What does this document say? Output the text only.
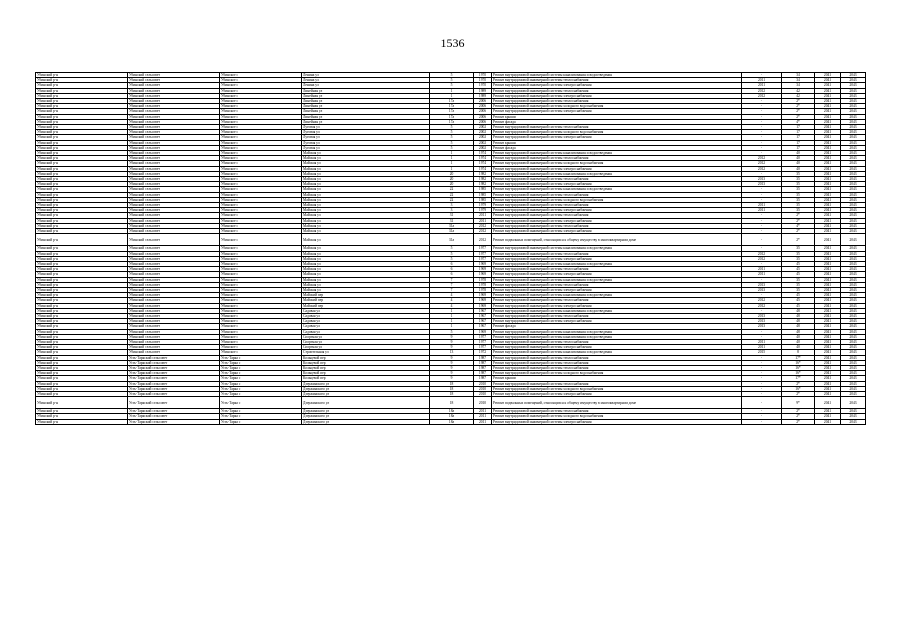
1536
Убинский р-н	Убинский сельсовет	Убинское с	Ленина ул	5	1970	Ремонт внутридомовой инженерной системы канализования и водоотведения	-	34	2041	2043
Убинский р-н	Убинский сельсовет	Убинское с	Ленина ул	5	1970	Ремонт внутридомовой инженерной системы теплоснабжения	2011	34	2041	2043
Убинский р-н	Убинский сельсовет	Убинское с	Ленина ул	5	1970	Ремонт внутридомовой инженерной системы электроснабжения	2011	34	2041	2043
Убинский р-н	Убинский сельсовет	Убинское с	Линейная ул	1	1989	Ремонт внутридомовой инженерной системы теплоснабжения	2012	42	2041	2043
Убинский р-н	Убинский сельсовет	Убинское с	Линейная ул	1	1989	Ремонт внутридомовой инженерной системы электроснабжения	2012	42	2041	2043
Убинский р-н	Убинский сельсовет	Убинское с	Линейная ул	17а	2006	Ремонт внутридомовой инженерной системы теплоснабжения	-	2*	2041	2043
Убинский р-н	Убинский сельсовет	Убинское с	Линейная ул	17а	2006	Ремонт внутридомовой инженерной системы холодного водоснабжения	-	2*	2041	2043
Убинский р-н	Убинский сельсовет	Убинское с	Линейная ул	17а	2006	Ремонт внутридомовой инженерной системы электроснабжения	-	2*	2041	2043
Убинский р-н	Убинский сельсовет	Убинское с	Линейная ул	17а	2006	Ремонт крыши	-	2*	2041	2043
Убинский р-н	Убинский сельсовет	Убинское с	Линейная ул	17а	2006	Ремонт фасада	-	4*	2041	2043
Убинский р-н	Убинский сельсовет	Убинское с	Луговая ул	5	2002	Ремонт внутридомовой инженерной системы теплоснабжения	-	17	2041	2043
Убинский р-н	Убинский сельсовет	Убинское с	Луговая ул	5	2002	Ремонт внутридомовой инженерной системы холодного водоснабжения	-	17	2041	2043
Убинский р-н	Убинский сельсовет	Убинское с	Луговая ул	5	2002	Ремонт внутридомовой инженерной системы электроснабжения	-	17	2041	2043
Убинский р-н	Убинский сельсовет	Убинское с	Луговая ул	5	2002	Ремонт крыши	-	17	2041	2043
Убинский р-н	Убинский сельсовет	Убинское с	Луговая ул	5	2002	Ремонт фасада	-	17	2041	2043
Убинский р-н	Убинский сельсовет	Убинское с	Майская ул	1	1974	Ремонт внутридомовой инженерной системы канализования и водоотведения	-	40	2041	2043
Убинский р-н	Убинский сельсовет	Убинское с	Майская ул	1	1974	Ремонт внутридомовой инженерной системы теплоснабжения	2012	40	2041	2043
Убинский р-н	Убинский сельсовет	Убинское с	Майская ул	1	1974	Ремонт внутридомовой инженерной системы холодного водоснабжения	2012	40	2041	2043
Убинский р-н	Убинский сельсовет	Убинское с	Майская ул	1	1974	Ремонт внутридомовой инженерной системы электроснабжения	2012	40	2041	2043
Убинский р-н	Убинский сельсовет	Убинское с	Майская ул	20	1982	Ремонт внутридомовой инженерной системы канализования и водоотведения	-	35	2041	2043
Убинский р-н	Убинский сельсовет	Убинское с	Майская ул	20	1982	Ремонт внутридомовой инженерной системы теплоснабжения	2013	35	2041	2043
Убинский р-н	Убинский сельсовет	Убинское с	Майская ул	20	1982	Ремонт внутридомовой инженерной системы электроснабжения	2013	35	2041	2043
Убинский р-н	Убинский сельсовет	Убинское с	Майская ул	22	1985	Ремонт внутридомовой инженерной системы канализования и водоотведения	-	35	2041	2043
Убинский р-н	Убинский сельсовет	Убинское с	Майская ул	22	1985	Ремонт внутридомовой инженерной системы теплоснабжения	-	35	2041	2043
Убинский р-н	Убинский сельсовет	Убинское с	Майская ул	22	1985	Ремонт внутридомовой инженерной системы холодного водоснабжения	-	35	2041	2043
Убинский р-н	Убинский сельсовет	Убинское с	Майская ул	3	1979	Ремонт внутридомовой инженерной системы теплоснабжения	2011	35	2041	2043
Убинский р-н	Убинский сельсовет	Убинское с	Майская ул	3	1979	Ремонт внутридомовой инженерной системы электроснабжения	2011	35	2041	2043
Убинский р-н	Убинский сельсовет	Убинское с	Майская ул	31	2011	Ремонт внутридомовой инженерной системы теплоснабжения	-	2*	2041	2043
Убинский р-н	Убинский сельсовет	Убинское с	Майская ул	31	2011	Ремонт внутридомовой инженерной системы электроснабжения	-	2*	2041	2043
Убинский р-н	Убинский сельсовет	Убинское с	Майская ул	31а	2012	Ремонт внутридомовой инженерной системы теплоснабжения	-	4*	2041	2043
Убинский р-н	Убинский сельсовет	Убинское с	Майская ул	31а	2012	Ремонт внутридомовой инженерной системы электроснабжения	-	2*	2041	2043
Убинский р-н	Убинский сельсовет	Убинское с	Майская ул	31а	2012	Ремонт подвальных помещений, относящихся к общему имуществу в многоквартирном доме	-	2*	2041	2043
Убинский р-н	Убинский сельсовет	Убинское с	Майская ул	5	1977	Ремонт внутридомовой инженерной системы канализования и водоотведения	-	35	2041	2043
Убинский р-н	Убинский сельсовет	Убинское с	Майская ул	5	1977	Ремонт внутридомовой инженерной системы теплоснабжения	2012	35	2041	2043
Убинский р-н	Убинский сельсовет	Убинское с	Майская ул	5	1977	Ремонт внутридомовой инженерной системы электроснабжения	2012	35	2041	2043
Убинский р-н	Убинский сельсовет	Убинское с	Майская ул	6	1969	Ремонт внутридомовой инженерной системы канализования и водоотведения	-	45	2041	2043
Убинский р-н	Убинский сельсовет	Убинское с	Майская ул	6	1969	Ремонт внутридомовой инженерной системы теплоснабжения	2011	45	2041	2043
Убинский р-н	Убинский сельсовет	Убинское с	Майская ул	6	1969	Ремонт внутридомовой инженерной системы электроснабжения	2011	45	2041	2043
Убинский р-н	Убинский сельсовет	Убинское с	Майская ул	7	1978	Ремонт внутридомовой инженерной системы канализования и водоотведения	-	35	2041	2043
Убинский р-н	Убинский сельсовет	Убинское с	Майская ул	7	1978	Ремонт внутридомовой инженерной системы теплоснабжения	2013	35	2041	2043
Убинский р-н	Убинский сельсовет	Убинское с	Майская ул	7	1978	Ремонт внутридомовой инженерной системы электроснабжения	2013	35	2041	2043
Убинский р-н	Убинский сельсовет	Убинское с	Майский пер	4	1969	Ремонт внутридомовой инженерной системы канализования и водоотведения	-	45	2041	2043
Убинский р-н	Убинский сельсовет	Убинское с	Майский пер	4	1969	Ремонт внутридомовой инженерной системы теплоснабжения	2012	45	2041	2043
Убинский р-н	Убинский сельсовет	Убинское с	Майский пер	4	1969	Ремонт внутридомовой инженерной системы электроснабжения	2012	45	2041	2043
Убинский р-н	Убинский сельсовет	Убинское с	Садовая ул	1	1967	Ремонт внутридомовой инженерной системы канализования и водоотведения	-	48	2041	2043
Убинский р-н	Убинский сельсовет	Убинское с	Садовая ул	1	1967	Ремонт внутридомовой инженерной системы теплоснабжения	2013	48	2041	2043
Убинский р-н	Убинский сельсовет	Убинское с	Садовая ул	1	1967	Ремонт внутридомовой инженерной системы электроснабжения	2013	48	2041	2043
Убинский р-н	Убинский сельсовет	Убинское с	Садовая ул	1	1967	Ремонт фасада	2013	48	2041	2043
Убинский р-н	Убинский сельсовет	Убинское с	Садовая ул	5	1969	Ремонт внутридомовой инженерной системы канализования и водоотведения	-	48	2041	2043
Убинский р-н	Убинский сельсовет	Убинское с	Спортная ул	9	1977	Ремонт внутридомовой инженерной системы канализования и водоотведения	-	40	2041	2043
Убинский р-н	Убинский сельсовет	Убинское с	Спортная ул	9	1977	Ремонт внутридомовой инженерной системы теплоснабжения	2011	40	2041	2043
Убинский р-н	Убинский сельсовет	Убинское с	Спортная ул	9	1977	Ремонт внутридомовой инженерной системы электроснабжения	2011	40	2041	2043
Убинский р-н	Убинский сельсовет	Убинское с	Строительная ул	13	1972	Ремонт внутридомовой инженерной системы канализования и водоотведения	2015	8	2041	2043
Убинский р-н	Усть-Таркский сельсовет	Усть-Тарка с	Кольцевой пер	9	1987	Ремонт внутридомовой инженерной системы теплоснабжения	-	17*	2041	2043
Убинский р-н	Усть-Таркский сельсовет	Усть-Тарка с	Кольцевой пер	9	1987	Ремонт внутридомовой инженерной системы теплоснабжения	-	16*	2041	2043
Убинский р-н	Усть-Таркский сельсовет	Усть-Тарка с	Кольцевой пер	9	1987	Ремонт внутридомовой инженерной системы теплоснабжения	-	16*	2041	2043
Убинский р-н	Усть-Таркский сельсовет	Усть-Тарка с	Кольцевой пер	9	1987	Ремонт внутридомовой инженерной системы холодного водоснабжения	-	16*	2041	2043
Убинский р-н	Усть-Таркский сельсовет	Усть-Тарка с	Кольцевой пер	9	1987	Ремонт крыши	-	17*	2041	2043
Убинский р-н	Усть-Таркский сельсовет	Усть-Тарка с	Дзержинского ул	18	2010	Ремонт внутридомовой инженерной системы теплоснабжения	-	2*	2041	2043
Убинский р-н	Усть-Таркский сельсовет	Усть-Тарка с	Дзержинского ул	18	2010	Ремонт внутридомовой инженерной системы холодного водоснабжения	-	16*	2041	2043
Убинский р-н	Усть-Таркский сельсовет	Усть-Тарка с	Дзержинского ул	18	2010	Ремонт внутридомовой инженерной системы электроснабжения	-	2*	2041	2043
Убинский р-н	Усть-Таркский сельсовет	Усть-Тарка с	Дзержинского ул	18	2010	Ремонт подвальных помещений, относящихся к общему имуществу в многоквартирном доме	-	9*	2041	2043
Убинский р-н	Усть-Таркский сельсовет	Усть-Тарка с	Дзержинского ул	18а	2011	Ремонт внутридомовой инженерной системы теплоснабжения	-	2*	2041	2043
Убинский р-н	Усть-Таркский сельсовет	Усть-Тарка с	Дзержинского ул	18а	2011	Ремонт внутридомовой инженерной системы холодного водоснабжения	-	2*	2041	2043
Убинский р-н	Усть-Таркский сельсовет	Усть-Тарка с	Дзержинского ул	18а	2011	Ремонт внутридомовой инженерной системы электроснабжения	-	2*	2041	2043
